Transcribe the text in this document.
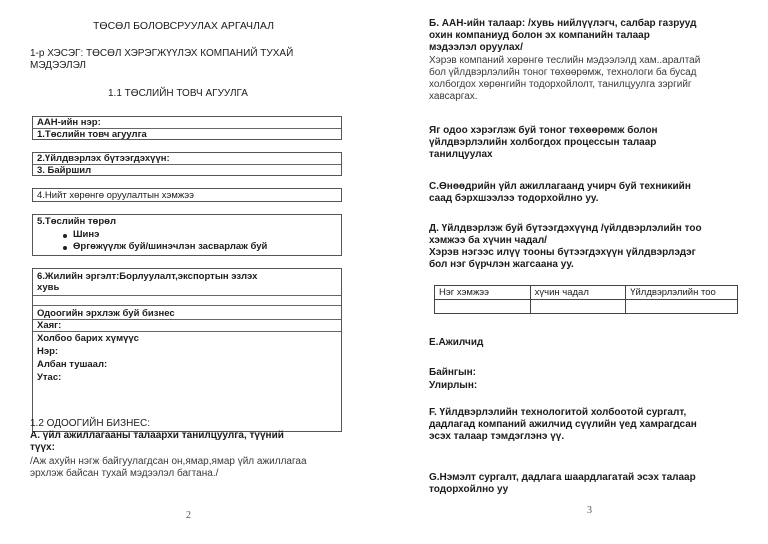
ТӨСӨЛ БОЛОВСРУУЛАХ АРГАЧЛАЛ
1-р ХЭСЭГ: ТӨСӨЛ ХЭРЭГЖҮҮЛЭХ КОМПАНИЙ ТУХАЙ
МЭДЭЭЛЭЛ
1.1 ТӨСЛИЙН ТОВЧ АГУУЛГА
ААН-ийн нэр:
1.Төслийн товч агуулга
2.Үйлдвэрлэх бүтээгдэхүүн:
3. Байршил
4.Нийт хөрөнгө оруулалтын хэмжээ
5.Төслийн төрөл
Шинэ
Өргөжүүлж буй/шинэчлэн засварлаж буй
6.Жилийн эргэлт:Борлуулалт,экспортын эзлэх
хувь
Одоогийн эрхлэж буй бизнес
Хаяг:
Холбоо барих хүмүүс
Нэр:
Албан тушаал:
Утас:
1.2 ОДООГИЙН БИЗНЕС:
А. үйл ажиллагааны талаархи танилцуулга, түүний
түүх:
/Аж ахуйн нэгж байгуулагдсан он,ямар,ямар үйл ажиллагаа
эрхлэж байсан тухай мэдээлэл багтана./
2
Б. ААН-ийн талаар: /хувь нийлүүлэгч, салбар газрууд
охин компаниуд болон эх компанийн талаар
мэдээлэл оруулах/
Хэрэв компаний хөрөнгө теслийн мэдээлэлд хам..аралтай
бол үйлдвэрлэлийн тоног төхөөрөмж, технологи ба бусад
холбогдох хөрөнгийн тодорхойлолт, танилцуулга зэргийг
хавсаргах.
Яг одоо хэрэглэж буй тоног төхөөрөмж болон
үйлдвэрлэлийн холбогдох процессын талаар
танилцуулах
С.Өнөөдрийн үйл ажиллагаанд учирч буй техникийн
саад бэрхшээлээ тодорхойлно уу.
Д. Үйлдвэрлэж буй бүтээгдэхүүнд /үйлдвэрлэлийн тоо
хэмжээ ба хүчин чадал/
Хэрэв нэгээс илүү тооны бүтээгдэхүүн үйлдвэрлэдэг
бол нэг бүрчлэн жагсаана уу.
Нэг хэмжээ	хүчин чадал	Үйлдвэрлэлийн тоо

Е.Ажилчид
Байнгын:
Улирлын:
F. Үйлдвэрлэлийн технологитой холбоотой сургалт,
дадлагад компаний ажилчид сүүлийн үед хамрагдсан
эсэх талаар тэмдэглэнэ үү.
G.Нэмэлт сургалт, дадлага шаардлагатай эсэх талаар
тодорхойлно уу
3
